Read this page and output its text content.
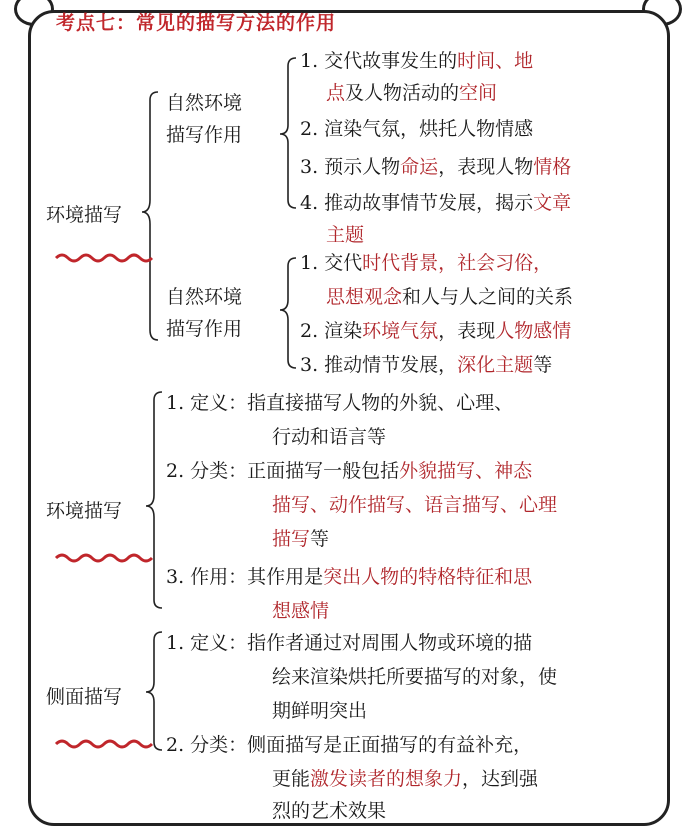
考点七：常见的描写方法的作用
环境描写
自然环境
描写作用
1. 交代故事发生的时间、地
点及人物活动的空间
2. 渲染气氛，烘托人物情感
3. 预示人物命运，表现人物情格
4. 推动故事情节发展，揭示文章
主题
自然环境
描写作用
1. 交代时代背景，社会习俗，
思想观念和人与人之间的关系
2. 渲染环境气氛，表现人物感情
3. 推动情节发展，深化主题等
环境描写
1. 定义：指直接描写人物的外貌、心理、
行动和语言等
2. 分类：正面描写一般包括外貌描写、神态
描写、动作描写、语言描写、心理
描写等
3. 作用：其作用是突出人物的特格特征和思
想感情
侧面描写
1. 定义：指作者通过对周围人物或环境的描
绘来渲染烘托所要描写的对象，使
期鲜明突出
2. 分类：侧面描写是正面描写的有益补充，
更能激发读者的想象力，达到强
烈的艺术效果
